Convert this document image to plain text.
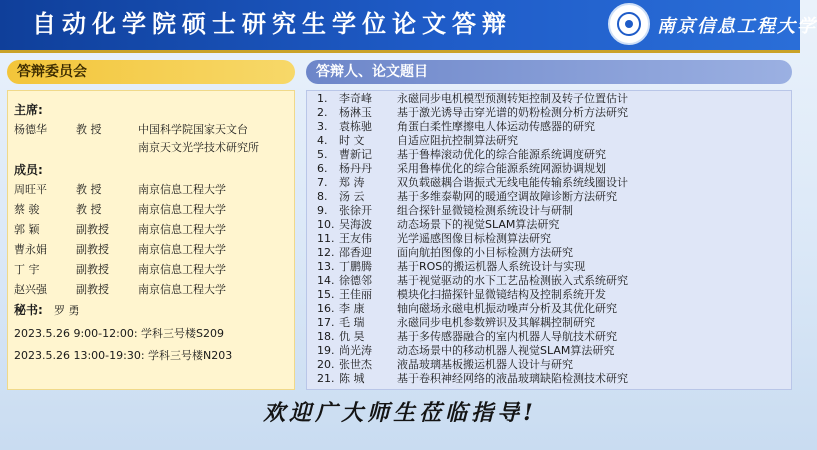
自动化学院硕士研究生学位论文答辩	南京信息工程大学
答辩委员会
主席:
杨德华	教 授	中国科学院国家天文台
南京天文光学技术研究所
成员:
周旺平	教 授	南京信息工程大学
蔡 骏	教 授	南京信息工程大学
郭 颖	副教授	南京信息工程大学
曹永娟	副教授	南京信息工程大学
丁 宇	副教授	南京信息工程大学
赵兴强	副教授	南京信息工程大学
秘书: 罗 勇
2023.5.26 9:00-12:00: 学科三号楼S209
2023.5.26 13:00-19:30: 学科三号楼N203
答辩人、论文题目
1.	李奇峰	永磁同步电机模型预测转矩控制及转子位置估计
2.	杨淋玉	基于激光诱导击穿光谱的奶粉检测分析方法研究
3.	袁栋驰	角蛋白柔性摩擦电人体运动传感器的研究
4.	时 文	自适应阻抗控制算法研究
5.	曹新记	基于鲁棒滚动优化的综合能源系统调度研究
6.	杨丹丹	采用鲁棒优化的综合能源系统网源协调规划
7.	郑 涛	双负载磁耦合谐振式无线电能传输系统线圈设计
8.	汤 云	基于多维泰勒网的暖通空调故障诊断方法研究
9.	张徐开	组合探针显微镜检测系统设计与研制
10. 吴海波	动态场景下的视觉SLAM算法研究
11. 王友伟	光学遥感图像目标检测算法研究
12. 邵香迎	面向航拍图像的小目标检测方法研究
13. 丁鹏腾	基于ROS的搬运机器人系统设计与实现
14. 徐德邻	基于视觉驱动的水下工艺品检测嵌入式系统研究
15. 王佳丽	模块化扫描探针显微镜结构及控制系统开发
16. 李 康	轴向磁场永磁电机振动噪声分析及其优化研究
17. 毛 瑞	永磁同步电机参数辨识及其解耦控制研究
18. 仇 昊	基于多传感器融合的室内机器人导航技术研究
19. 尚光涛	动态场景中的移动机器人视觉SLAM算法研究
20. 张世杰	液晶玻璃基板搬运机器人设计与研究
21. 陈 城	基于卷积神经网络的液晶玻璃缺陷检测技术研究
欢迎广大师生莅临指导!
